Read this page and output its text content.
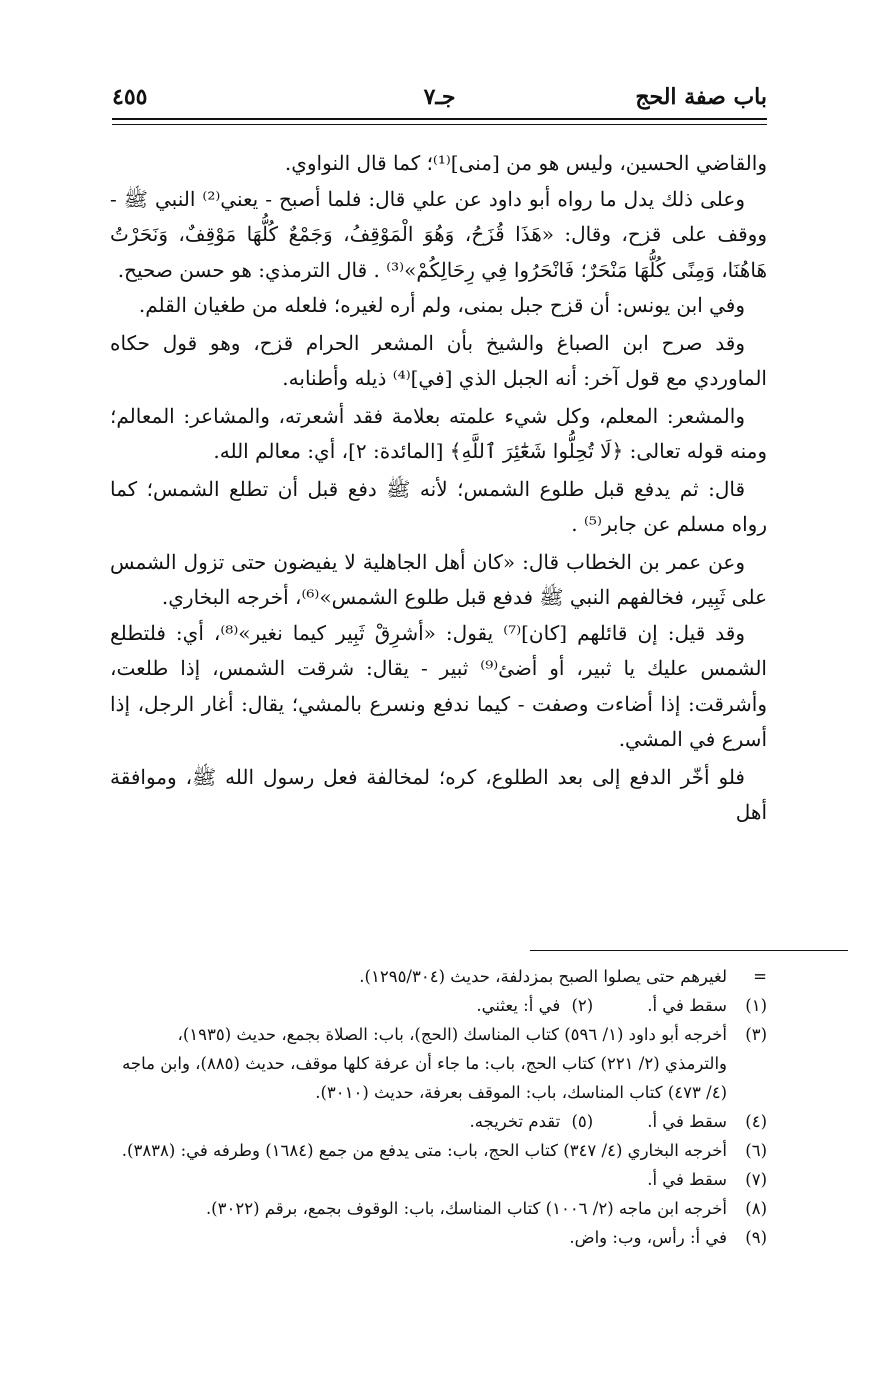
باب صفة الحج
جـ٧
٤٥٥

والقاضي الحسين، وليس هو من [منى]⁽¹⁾؛ كما قال النواوي.

وعلى ذلك يدل ما رواه أبو داود عن علي قال: فلما أصبح - يعني⁽²⁾ النبي ﷺ - ووقف على قزح، وقال: «هَذَا قُزَحُ، وَهُوَ الْمَوْقِفُ، وَجَمْعٌ كُلُّهَا مَوْقِفٌ، وَنَحَرْتُ هَاهُنَا، وَمِنًى كُلُّهَا مَنْحَرٌ؛ فَانْحَرُوا فِي رِحَالِكُمْ»⁽³⁾ . قال الترمذي: هو حسن صحيح.

وفي ابن يونس: أن قزح جبل بمنى، ولم أره لغيره؛ فلعله من طغيان القلم.

وقد صرح ابن الصباغ والشيخ بأن المشعر الحرام قزح، وهو قول حكاه الماوردي مع قول آخر: أنه الجبل الذي [في]⁽⁴⁾ ذيله وأطنابه.

والمشعر: المعلم، وكل شيء علمته بعلامة فقد أشعرته، والمشاعر: المعالم؛ ومنه قوله تعالى: ﴿لَا تُحِلُّوا شَعَٰٓئِرَ ٱللَّهِ﴾ [المائدة: ٢]، أي: معالم الله.

قال: ثم يدفع قبل طلوع الشمس؛ لأنه ﷺ دفع قبل أن تطلع الشمس؛ كما رواه مسلم عن جابر⁽⁵⁾ .

وعن عمر بن الخطاب قال: «كان أهل الجاهلية لا يفيضون حتى تزول الشمس على ثَبِير، فخالفهم النبي ﷺ فدفع قبل طلوع الشمس»⁽⁶⁾، أخرجه البخاري.

وقد قيل: إن قائلهم [كان]⁽⁷⁾ يقول: «أشرِقْ ثَبِير كيما نغير»⁽⁸⁾، أي: فلتطلع الشمس عليك يا ثبير، أو أضئ⁽⁹⁾ ثبير - يقال: شرقت الشمس، إذا طلعت، وأشرقت: إذا أضاءت وصفت - كيما ندفع ونسرع بالمشي؛ يقال: أغار الرجل، إذا أسرع في المشي.

فلو أخّر الدفع إلى بعد الطلوع، كره؛ لمخالفة فعل رسول الله ﷺ، وموافقة أهل

=
لغيرهم حتى يصلوا الصبح بمزدلفة، حديث (١٢٩٥/٣٠٤).
(١)
سقط في أ.(٢) في أ: يعثني.
(٣)
أخرجه أبو داود (١/ ٥٩٦) كتاب المناسك (الحج)، باب: الصلاة بجمع، حديث (١٩٣٥)، والترمذي (٢/ ٢٢١) كتاب الحج، باب: ما جاء أن عرفة كلها موقف، حديث (٨٨٥)، وابن ماجه (٤/ ٤٧٣) كتاب المناسك، باب: الموقف بعرفة، حديث (٣٠١٠).
(٤)
سقط في أ.(٥) تقدم تخريجه.
(٦)
أخرجه البخاري (٤/ ٣٤٧) كتاب الحج، باب: متى يدفع من جمع (١٦٨٤) وطرفه في: (٣٨٣٨).
(٧)
سقط في أ.
(٨)
أخرجه ابن ماجه (٢/ ١٠٠٦) كتاب المناسك، باب: الوقوف بجمع، برقم (٣٠٢٢).
(٩)
في أ: رأس، وب: واض.
